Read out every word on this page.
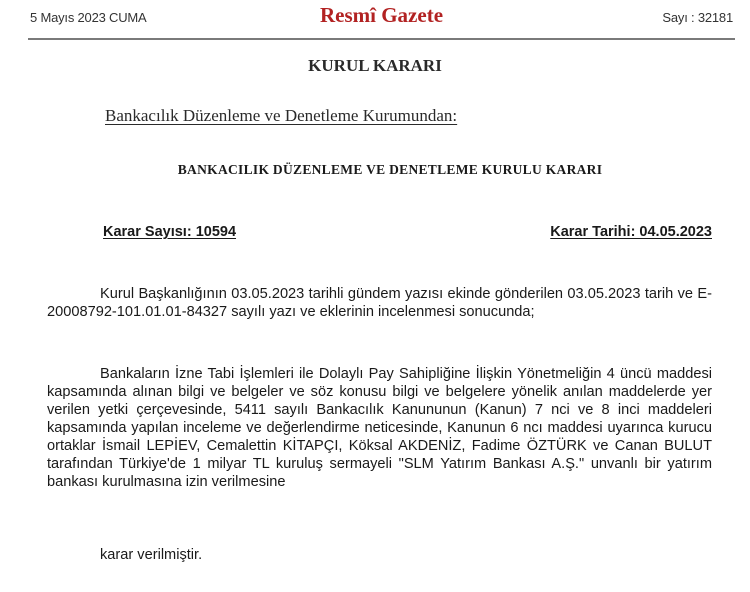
5 Mayıs 2023 CUMA	Resmî Gazete	Sayı : 32181
KURUL KARARI
Bankacılık Düzenleme ve Denetleme Kurumundan:
BANKACILIK DÜZENLEME VE DENETLEME KURULU KARARI
Karar Sayısı: 10594	Karar Tarihi: 04.05.2023

Kurul Başkanlığının 03.05.2023 tarihli gündem yazısı ekinde gönderilen 03.05.2023 tarih ve E-20008792-101.01.01-84327 sayılı yazı ve eklerinin incelenmesi sonucunda;

Bankaların İzne Tabi İşlemleri ile Dolaylı Pay Sahipliğine İlişkin Yönetmeliğin 4 üncü maddesi kapsamında alınan bilgi ve belgeler ve söz konusu bilgi ve belgelere yönelik anılan maddelerde yer verilen yetki çerçevesinde, 5411 sayılı Bankacılık Kanununun (Kanun) 7 nci ve 8 inci maddeleri kapsamında yapılan inceleme ve değerlendirme neticesinde, Kanunun 6 ncı maddesi uyarınca kurucu ortaklar İsmail LEPİEV, Cemalettin KİTAPÇI, Köksal AKDENİZ, Fadime ÖZTÜRK ve Canan BULUT tarafından Türkiye'de 1 milyar TL kuruluş sermayeli "SLM Yatırım Bankası A.Ş." unvanlı bir yatırım bankası kurulmasına izin verilmesine

karar verilmiştir.
